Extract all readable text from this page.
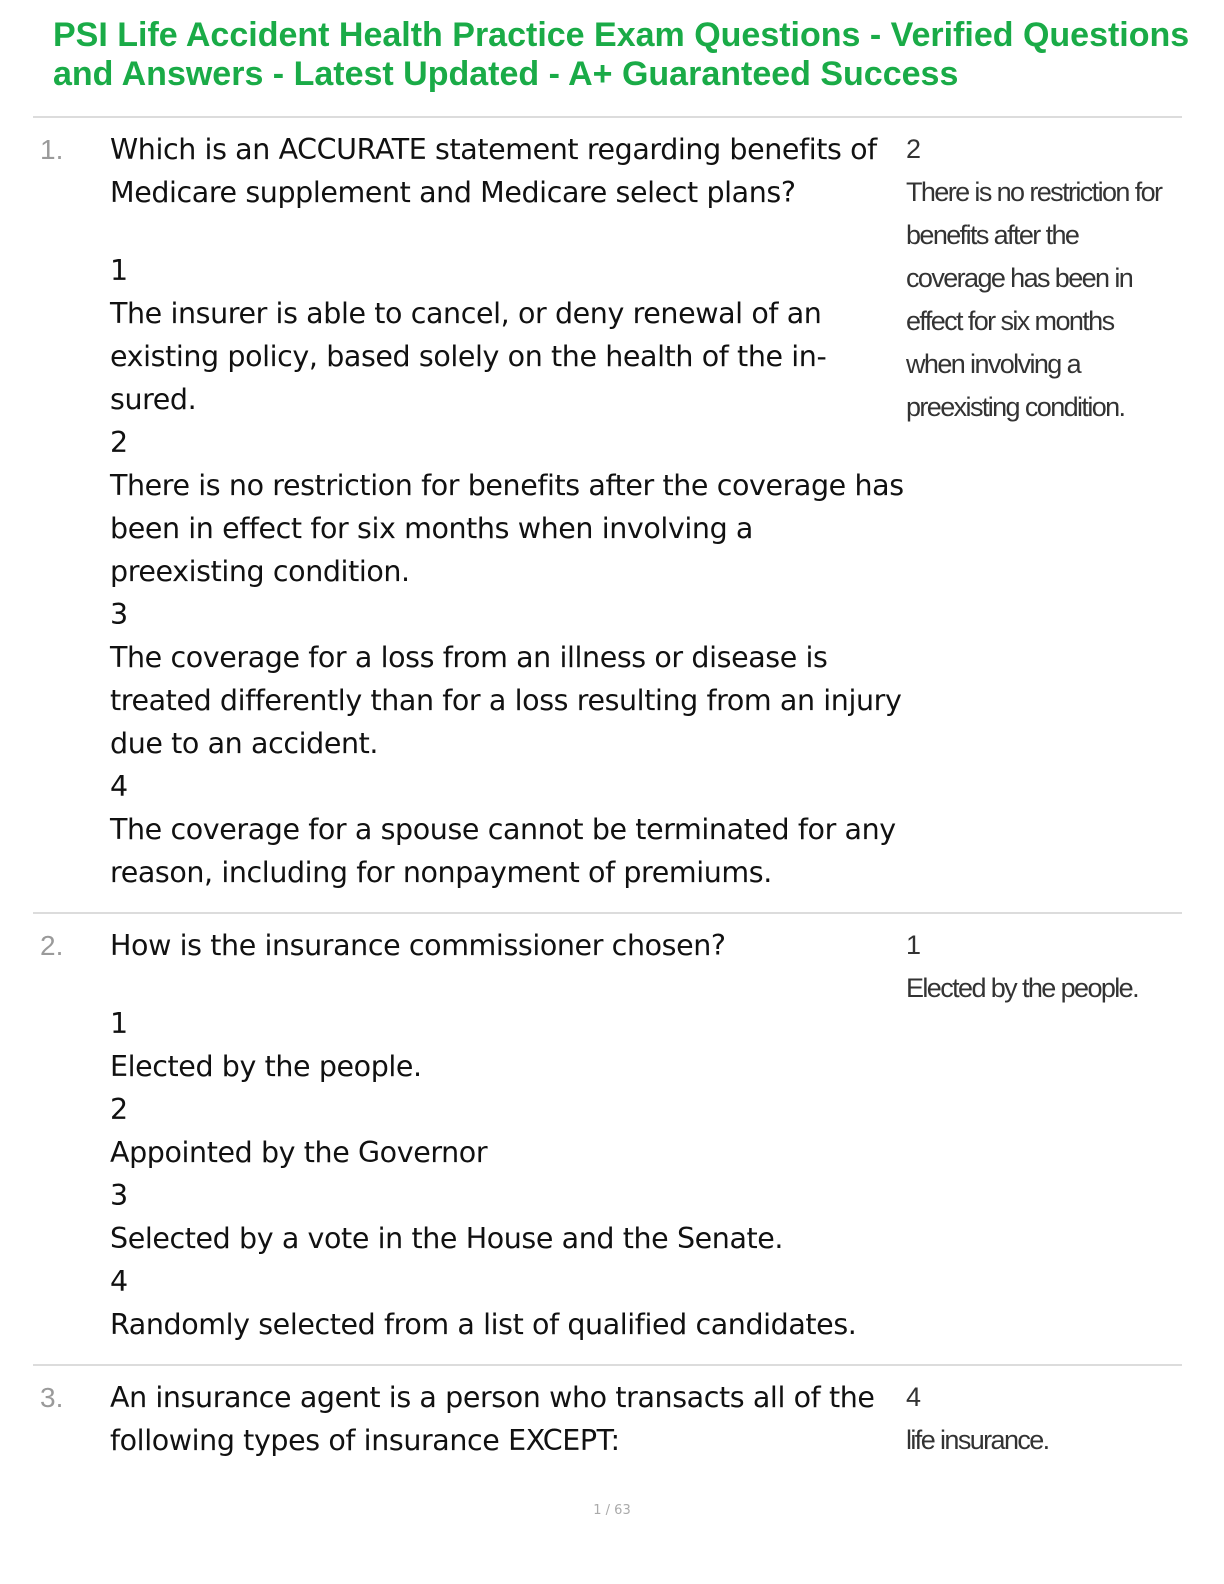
PSI Life Accident Health Practice Exam Questions - Verified Questions and Answers - Latest Updated - A+ Guaranteed Success
1. Which is an ACCURATE statement regarding benefits of Medicare supplement and Medicare select plans?

1

The insurer is able to cancel, or deny renewal of an existing policy, based solely on the health of the in-sured.

2

There is no restriction for benefits after the coverage has been in effect for six months when involving a preexisting condition.

3

The coverage for a loss from an illness or disease is treated differently than for a loss resulting from an injury due to an accident.

4

The coverage for a spouse cannot be terminated for any reason, including for nonpayment of premiums.

2

There is no restriction for benefits after the coverage has been in effect for six months when involving a preexisting condition.

2. How is the insurance commissioner chosen?

1

Elected by the people.

2

Appointed by the Governor

3

Selected by a vote in the House and the Senate.

4

Randomly selected from a list of qualified candidates.

1

Elected by the people.

3. An insurance agent is a person who transacts all of the following types of insurance EXCEPT:

4

life insurance.

1 / 63
